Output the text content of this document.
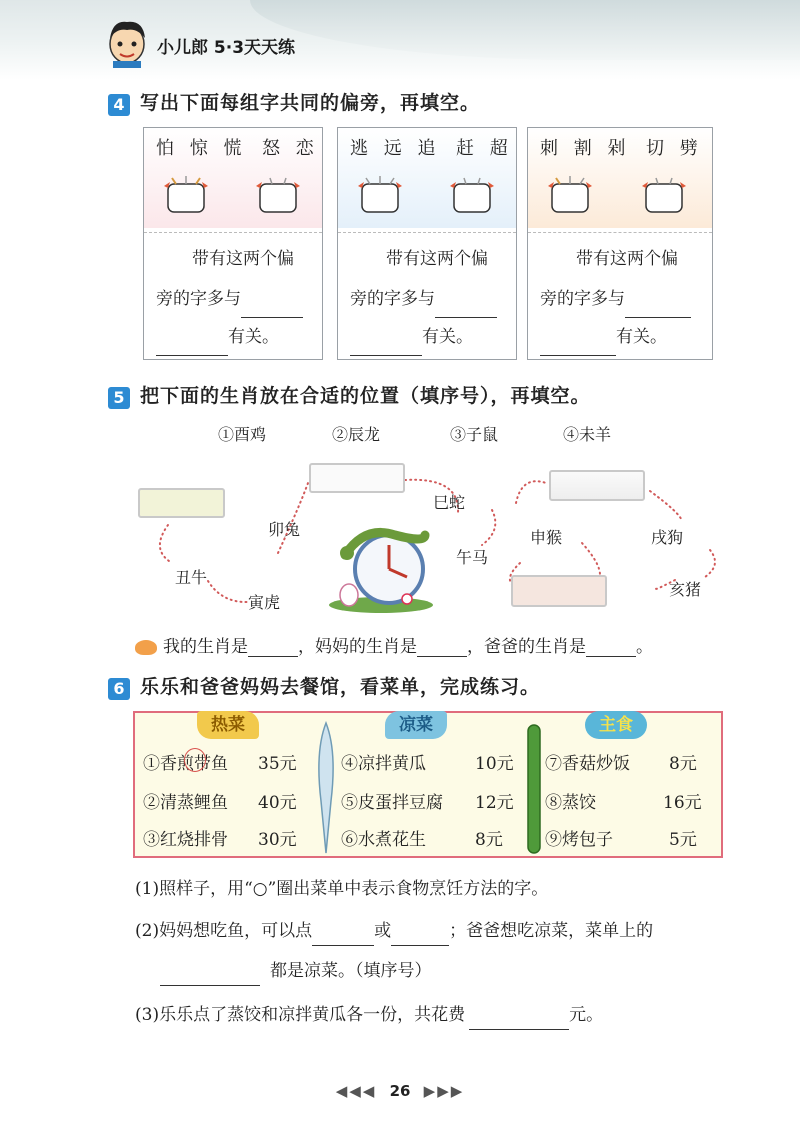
小儿郎 5·3天天练
4 写出下面每组字共同的偏旁，再填空。
怕 惊 慌 怒 恋
带有这两个偏
旁的字多与
有关。
逃 远 追 赶 超
带有这两个偏
旁的字多与
有关。
刺 割 剁 切 劈
带有这两个偏
旁的字多与
有关。
5 把下面的生肖放在合适的位置（填序号），再填空。
①酉鸡	②辰龙	③子鼠	④未羊
卯兔
丑牛
寅虎
巳蛇
午马
申猴	戌狗
亥猪
我的生肖是	，妈妈的生肖是	，爸爸的生肖是	。
6 乐乐和爸爸妈妈去餐馆，看菜单，完成练习。
热菜	凉菜	主食
①香煎带鱼 35元
②清蒸鲤鱼 40元
③红烧排骨 30元
④凉拌黄瓜	10元
⑤皮蛋拌豆腐 12元
⑥水煮花生	8元
⑦香菇炒饭 8元
⑧蒸饺	16元
⑨烤包子	5元
(1)照样子，用“○”圈出菜单中表示食物烹饪方法的字。
(2)妈妈想吃鱼，可以点	或	；爸爸想吃凉菜，菜单上的
都是凉菜。（填序号）
(3)乐乐点了蒸饺和凉拌黄瓜各一份，共花费	元。
◀◀◀ 26 ▶▶▶
